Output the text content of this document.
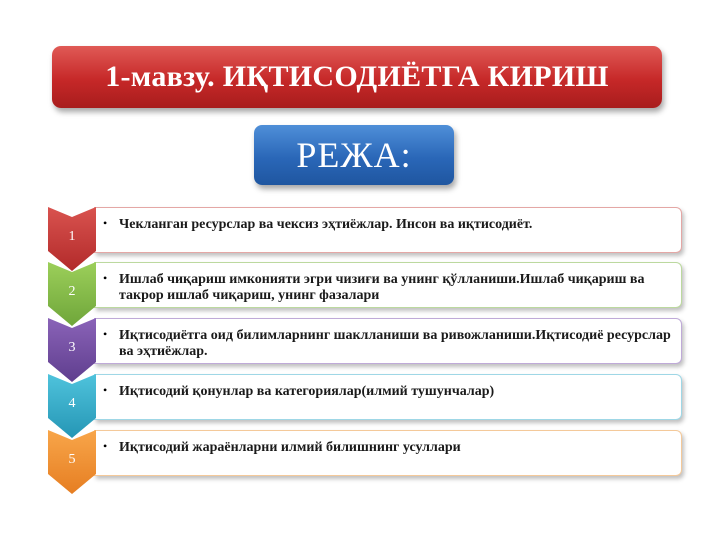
1-мавзу. ИҚТИСОДИЁТГА КИРИШ
РЕЖА:
1
• Чекланган ресурслар ва чексиз эҳтиёжлар. Инсон ва иқтисодиёт.
2
• Ишлаб чиқариш имконияти эгри чизиғи ва унинг қўлланиши.Ишлаб чиқариш ва такрор ишлаб чиқариш, унинг фазалари
3
• Иқтисодиётга оид билимларнинг шаклланиши ва ривожланиши.Иқтисодиё ресурслар ва эҳтиёжлар.
4
• Иқтисодий қонунлар ва категориялар(илмий тушунчалар)
5
• Иқтисодий жараёнларни илмий билишнинг усуллари
